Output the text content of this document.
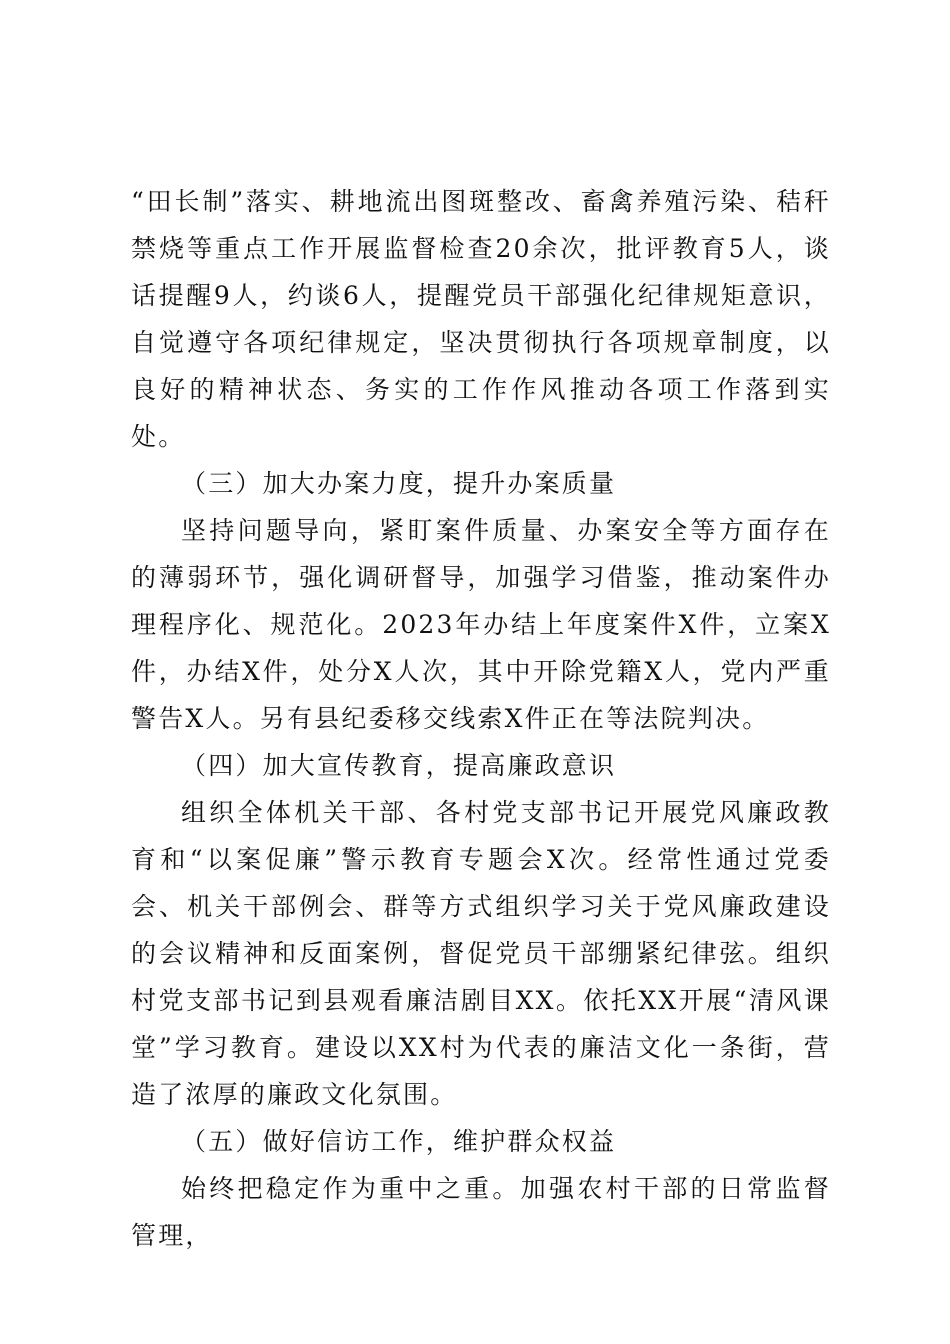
“田长制”落实、耕地流出图斑整改、畜禽养殖污染、秸秆禁烧等重点工作开展监督检查20余次，批评教育5人，谈话提醒9人，约谈6人，提醒党员干部强化纪律规矩意识，自觉遵守各项纪律规定，坚决贯彻执行各项规章制度，以良好的精神状态、务实的工作作风推动各项工作落到实处。

（三）加大办案力度，提升办案质量

坚持问题导向，紧盯案件质量、办案安全等方面存在的薄弱环节，强化调研督导，加强学习借鉴，推动案件办理程序化、规范化。2023年办结上年度案件X件，立案X件，办结X件，处分X人次，其中开除党籍X人，党内严重警告X人。另有县纪委移交线索X件正在等法院判决。

（四）加大宣传教育，提高廉政意识

组织全体机关干部、各村党支部书记开展党风廉政教育和“以案促廉”警示教育专题会X次。经常性通过党委会、机关干部例会、群等方式组织学习关于党风廉政建设的会议精神和反面案例，督促党员干部绷紧纪律弦。组织村党支部书记到县观看廉洁剧目XX。依托XX开展“清风课堂”学习教育。建设以XX村为代表的廉洁文化一条街，营造了浓厚的廉政文化氛围。

（五）做好信访工作，维护群众权益

始终把稳定作为重中之重。加强农村干部的日常监督管理，
